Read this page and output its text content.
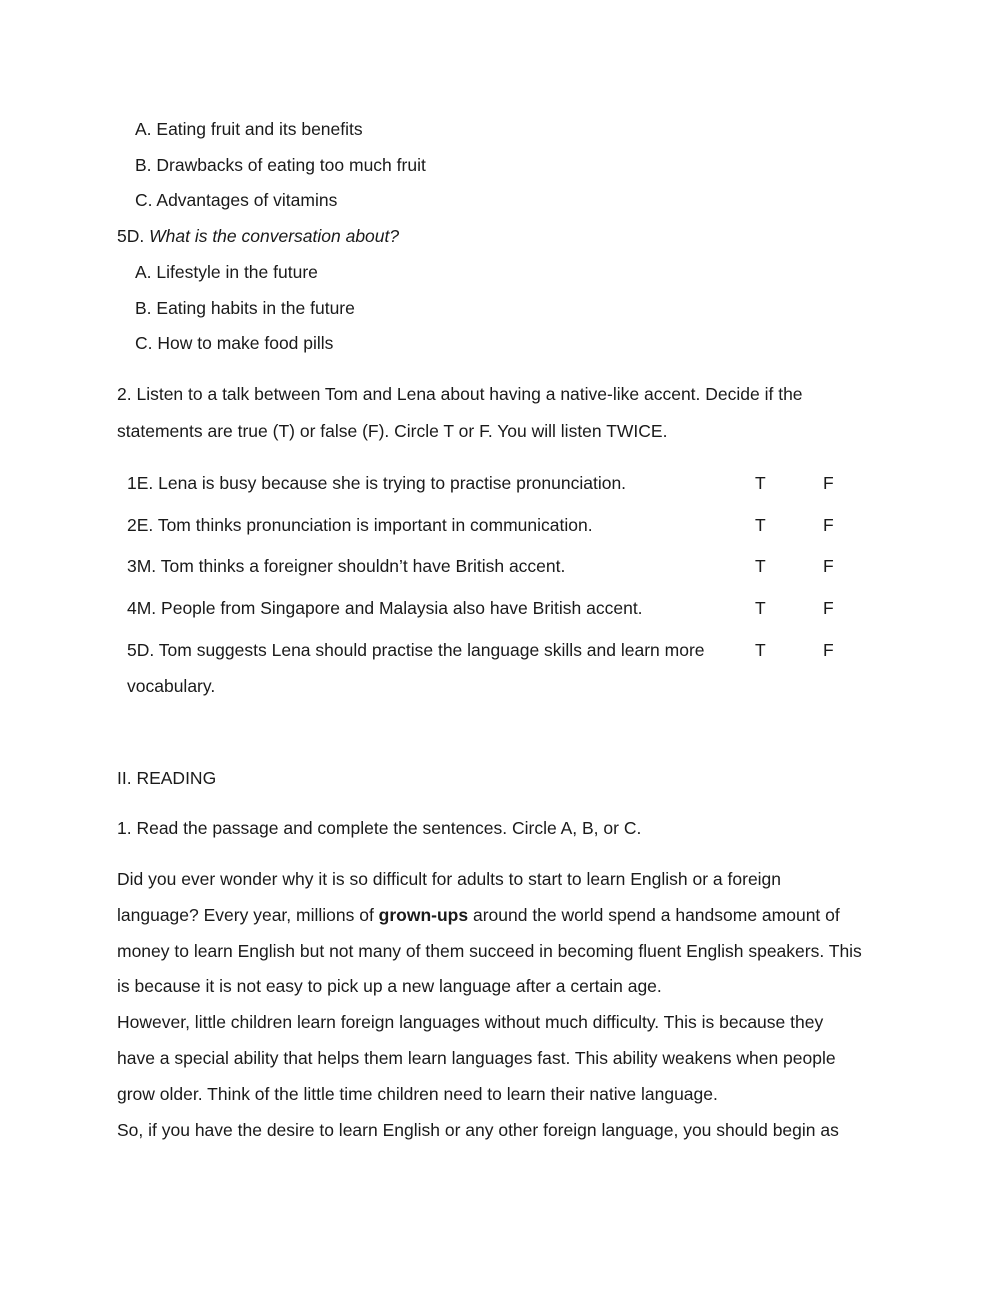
A. Eating fruit and its benefits
B. Drawbacks of eating too much fruit
C. Advantages of vitamins
5D. What is the conversation about?
A. Lifestyle in the future
B. Eating habits in the future
C. How to make food pills
2. Listen to a talk between Tom and Lena about having a native-like accent. Decide if the
statements are true (T) or false (F). Circle T or F. You will listen TWICE.
1E. Lena is busy because she is trying to practise pronunciation.	T	F
2E. Tom thinks pronunciation is important in communication.	T	F
3M. Tom thinks a foreigner shouldn’t have British accent.	T	F
4M. People from Singapore and Malaysia also have British accent.	T	F
5D. Tom suggests Lena should practise the language skills and learn more	T	F
vocabulary.
II. READING
1. Read the passage and complete the sentences. Circle A, B, or C.
Did you ever wonder why it is so difficult for adults to start to learn English or a foreign
language? Every year, millions of grown-ups around the world spend a handsome amount of
money to learn English but not many of them succeed in becoming fluent English speakers. This
is because it is not easy to pick up a new language after a certain age.
However, little children learn foreign languages without much difficulty. This is because they
have a special ability that helps them learn languages fast. This ability weakens when people
grow older. Think of the little time children need to learn their native language.
So, if you have the desire to learn English or any other foreign language, you should begin as
